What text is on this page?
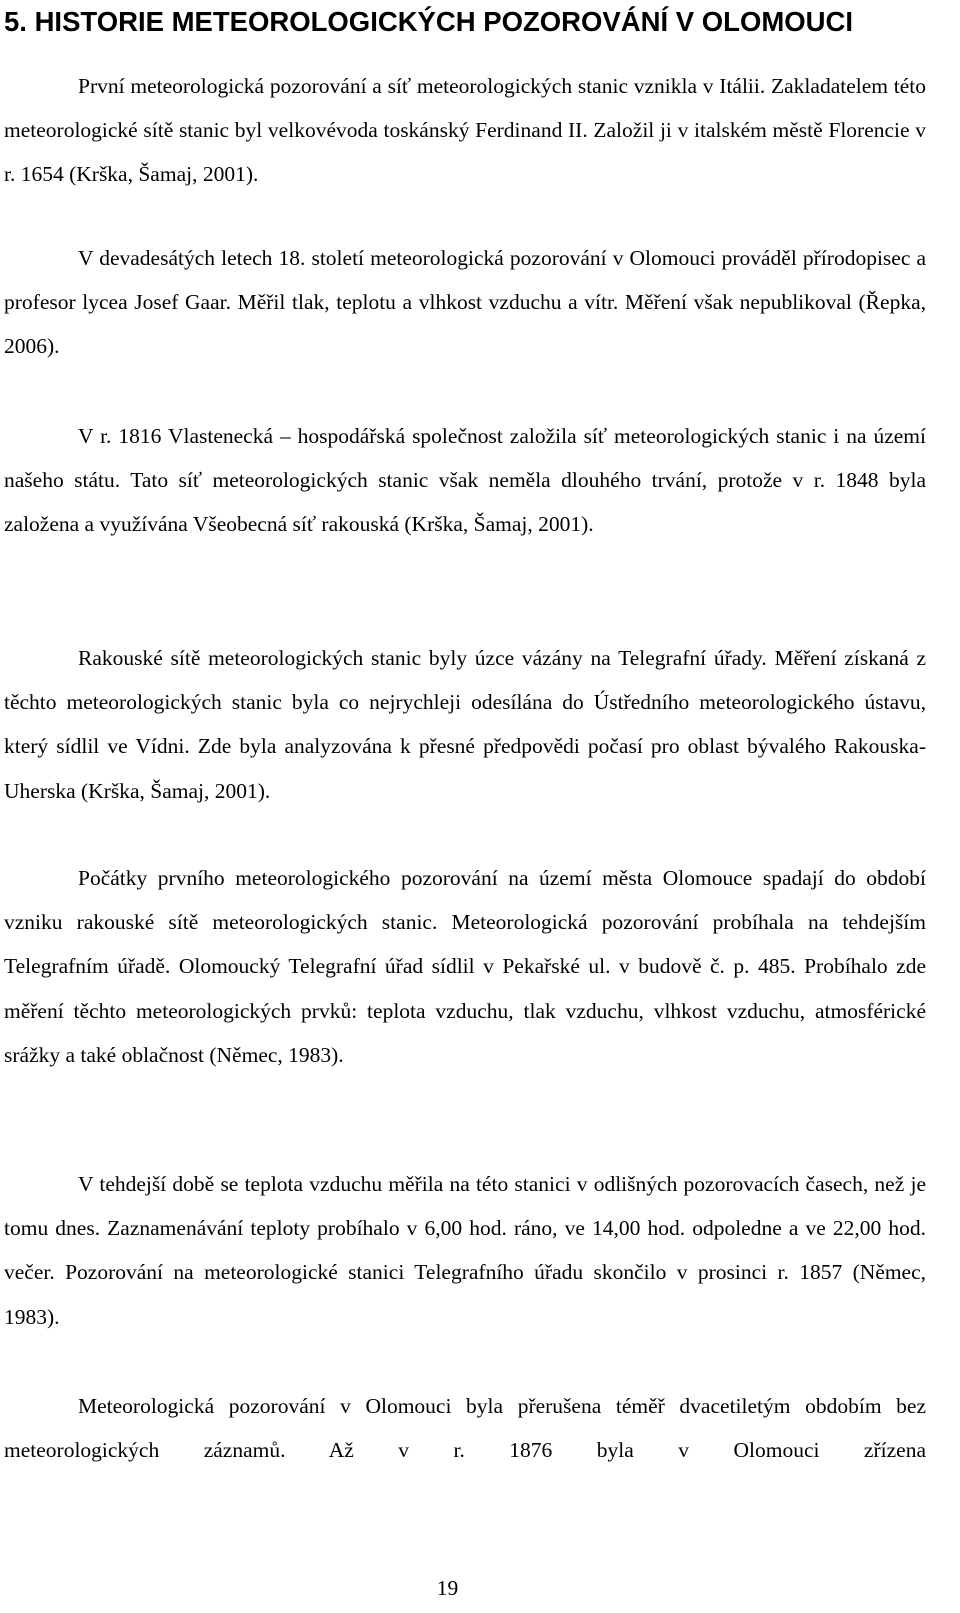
5. HISTORIE METEOROLOGICKÝCH POZOROVÁNÍ V OLOMOUCI

První meteorologická pozorování a síť meteorologických stanic vznikla v Itálii. Zakladatelem této meteorologické sítě stanic byl velkovévoda toskánský Ferdinand II. Založil ji v italském městě Florencie v r. 1654 (Krška, Šamaj, 2001).

V devadesátých letech 18. století meteorologická pozorování v Olomouci prováděl přírodopisec a profesor lycea Josef Gaar. Měřil tlak, teplotu a vlhkost vzduchu a vítr. Měření však nepublikoval (Řepka, 2006).

V r. 1816 Vlastenecká – hospodářská společnost založila síť meteorologických stanic i na území našeho státu. Tato síť meteorologických stanic však neměla dlouhého trvání, protože v r. 1848 byla založena a využívána Všeobecná síť rakouská (Krška, Šamaj, 2001).

Rakouské sítě meteorologických stanic byly úzce vázány na Telegrafní úřady. Měření získaná z těchto meteorologických stanic byla co nejrychleji odesílána do Ústředního meteorologického ústavu, který sídlil ve Vídni. Zde byla analyzována k přesné předpovědi počasí pro oblast bývalého Rakouska-Uherska (Krška, Šamaj, 2001).

Počátky prvního meteorologického pozorování na území města Olomouce spadají do období vzniku rakouské sítě meteorologických stanic. Meteorologická pozorování probíhala na tehdejším Telegrafním úřadě. Olomoucký Telegrafní úřad sídlil v Pekařské ul. v budově č. p. 485. Probíhalo zde měření těchto meteorologických prvků: teplota vzduchu, tlak vzduchu, vlhkost vzduchu, atmosférické srážky a také oblačnost (Němec, 1983).

V tehdejší době se teplota vzduchu měřila na této stanici v odlišných pozorovacích časech, než je tomu dnes. Zaznamenávání teploty probíhalo v 6,00 hod. ráno, ve 14,00 hod. odpoledne a ve 22,00 hod. večer. Pozorování na meteorologické stanici Telegrafního úřadu skončilo v prosinci r. 1857 (Němec, 1983).

Meteorologická pozorování v Olomouci byla přerušena téměř dvacetiletým obdobím bez meteorologických záznamů. Až v r. 1876 byla v Olomouci zřízena

19
